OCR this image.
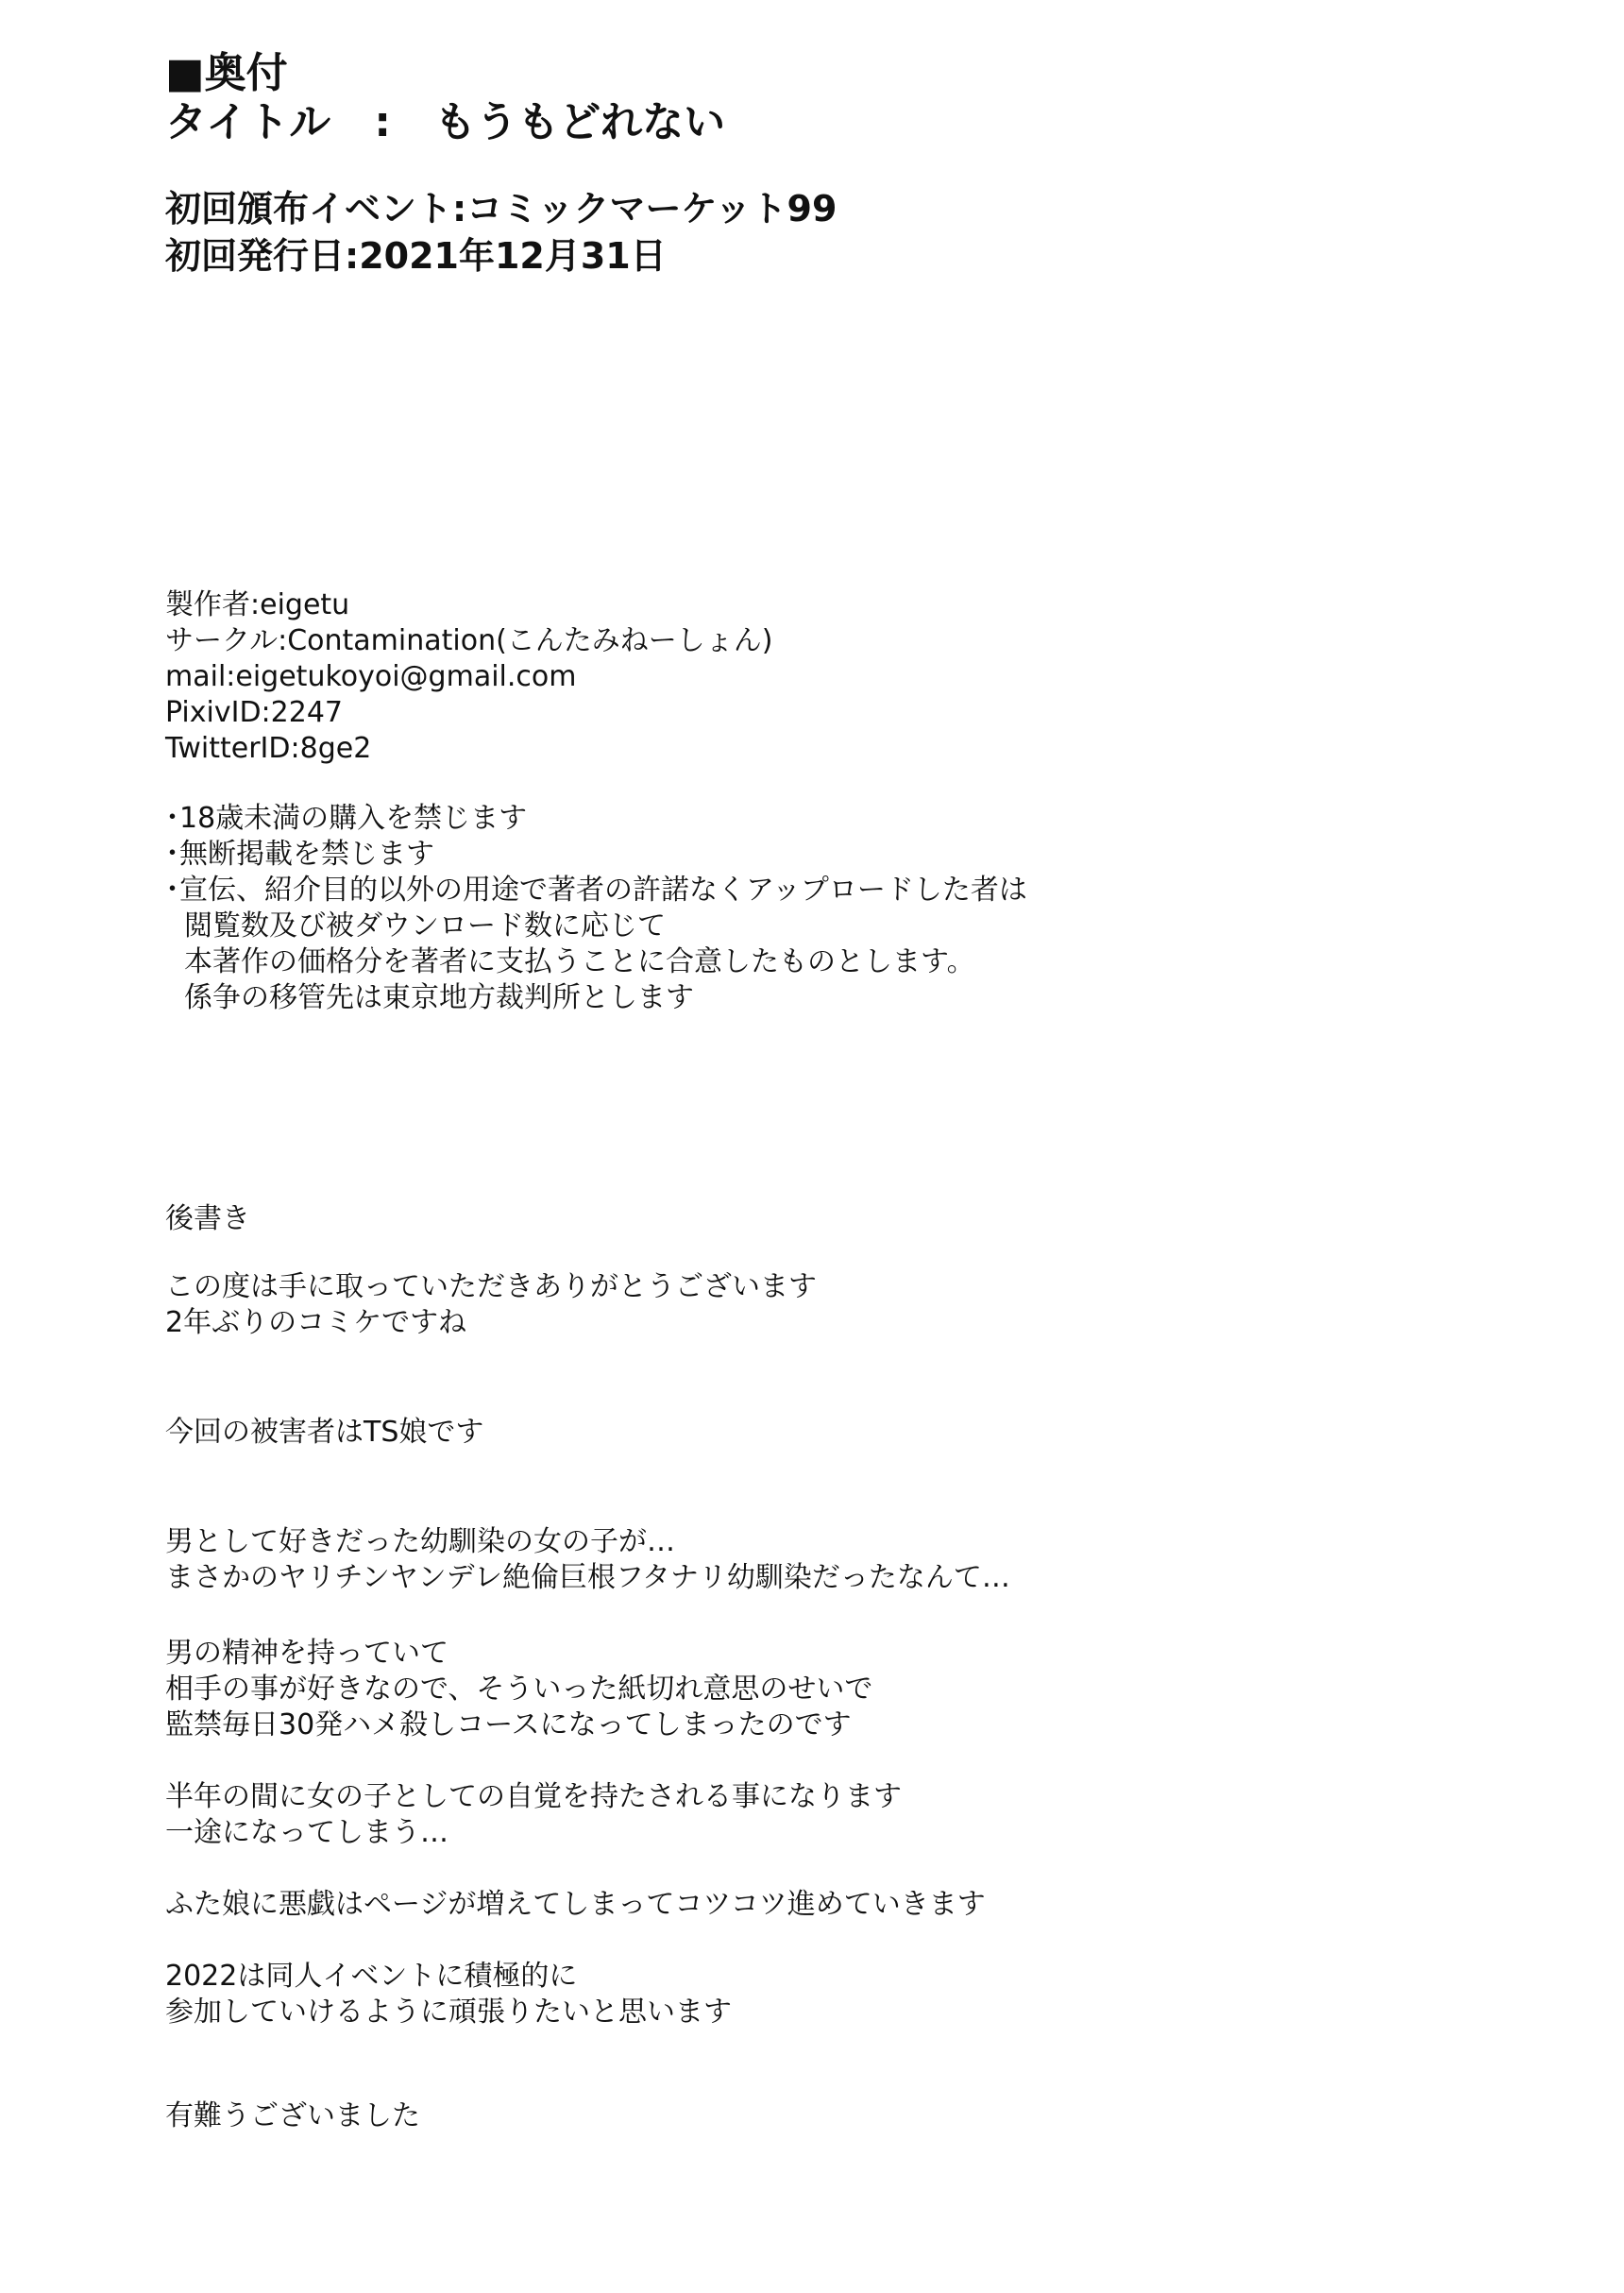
■奥付
タイトル : もうもどれない
初回頒布イベント:コミックマーケット99
初回発行日:2021年12月31日
製作者:eigetu
サークル:Contamination(こんたみねーしょん)
mail:eigetukoyoi@gmail.com
PixivID:2247
TwitterID:8ge2
･18歳未満の購入を禁じます
･無断掲載を禁じます
･宣伝、紹介目的以外の用途で著者の許諾なくアップロードした者は
閲覧数及び被ダウンロード数に応じて
本著作の価格分を著者に支払うことに合意したものとします。
係争の移管先は東京地方裁判所とします
後書き
この度は手に取っていただきありがとうございます
2年ぶりのコミケですね
今回の被害者はTS娘です
男として好きだった幼馴染の女の子が…
まさかのヤリチンヤンデレ絶倫巨根フタナリ幼馴染だったなんて…
男の精神を持っていて
相手の事が好きなので、そういった紙切れ意思のせいで
監禁毎日30発ハメ殺しコースになってしまったのです
半年の間に女の子としての自覚を持たされる事になります
一途になってしまう…
ふた娘に悪戯はページが増えてしまってコツコツ進めていきます
2022は同人イベントに積極的に
参加していけるように頑張りたいと思います
有難うございました
